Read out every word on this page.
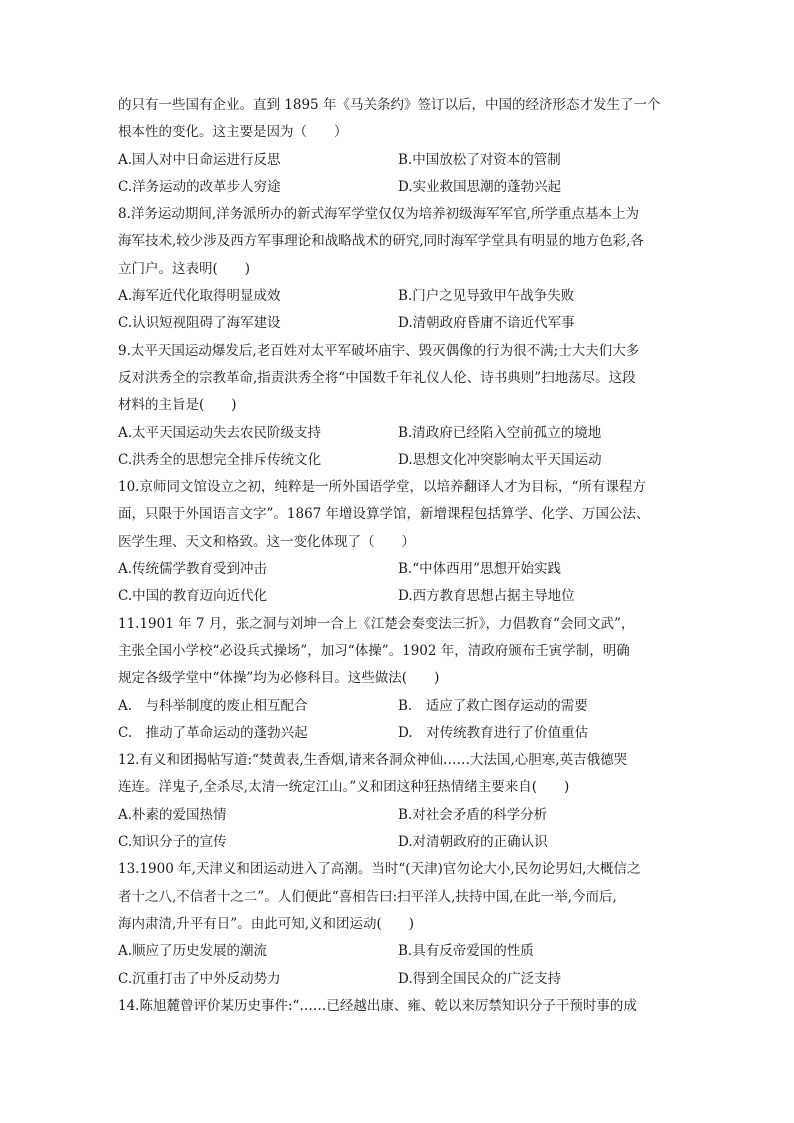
的只有一些国有企业。直到 1895 年《马关条约》签订以后，中国的经济形态才发生了一个
根本性的变化。这主要是因为（　　）
A.国人对中日命运进行反思	B.中国放松了对资本的管制
C.洋务运动的改革步人穷途	D.实业救国思潮的蓬勃兴起
8.洋务运动期间,洋务派所办的新式海军学堂仅仅为培养初级海军军官,所学重点基本上为
海军技术,较少涉及西方军事理论和战略战术的研究,同时海军学堂具有明显的地方色彩,各
立门户。这表明(　　)
A.海军近代化取得明显成效	B.门户之见导致甲午战争失败
C.认识短视阻碍了海军建设	D.清朝政府昏庸不谙近代军事
9.太平天国运动爆发后,老百姓对太平军破坏庙宇、毁灭偶像的行为很不满;士大夫们大多
反对洪秀全的宗教革命,指责洪秀全将“中国数千年礼仪人伦、诗书典则”扫地荡尽。这段
材料的主旨是(　　)
A.太平天国运动失去农民阶级支持	B.清政府已经陷入空前孤立的境地
C.洪秀全的思想完全排斥传统文化	D.思想文化冲突影响太平天国运动
10.京师同文馆设立之初，纯粹是一所外国语学堂，以培养翻译人才为目标，“所有课程方
面，只限于外国语言文字”。1867 年增设算学馆，新增课程包括算学、化学、万国公法、
医学生理、天文和格致。这一变化体现了（　　）
A.传统儒学教育受到冲击	B.“中体西用”思想开始实践
C.中国的教育迈向近代化	D.西方教育思想占据主导地位
11.1901 年 7 月，张之洞与刘坤一合上《江楚会奏变法三折》，力倡教育“会同文武”，
主张全国小学校“必设兵式操场”，加习“体操”。1902 年，清政府颁布壬寅学制，明确
规定各级学堂中“体操”均为必修科目。这些做法(　　)
A.　与科举制度的废止相互配合	B.　适应了救亡图存运动的需要
C.　推动了革命运动的蓬勃兴起	D.　对传统教育进行了价值重估
12.有义和团揭帖写道:“焚黄表,生香烟,请来各洞众神仙……大法国,心胆寒,英吉俄德哭
连连。洋鬼子,全杀尽,太清一统定江山。”义和团这种狂热情绪主要来自(　　)
A.朴素的爱国热情	B.对社会矛盾的科学分析
C.知识分子的宣传	D.对清朝政府的正确认识
13.1900 年,天津义和团运动进入了高潮。当时“(天津)官勿论大小,民勿论男妇,大概信之
者十之八,不信者十之二”。人们便此“喜相告曰:扫平洋人,扶持中国,在此一举,今而后,
海内肃清,升平有日”。由此可知,义和团运动(　　)
A.顺应了历史发展的潮流	B.具有反帝爱国的性质
C.沉重打击了中外反动势力	D.得到全国民众的广泛支持
14.陈旭麓曾评价某历史事件:“……已经越出康、雍、乾以来厉禁知识分子干预时事的成
